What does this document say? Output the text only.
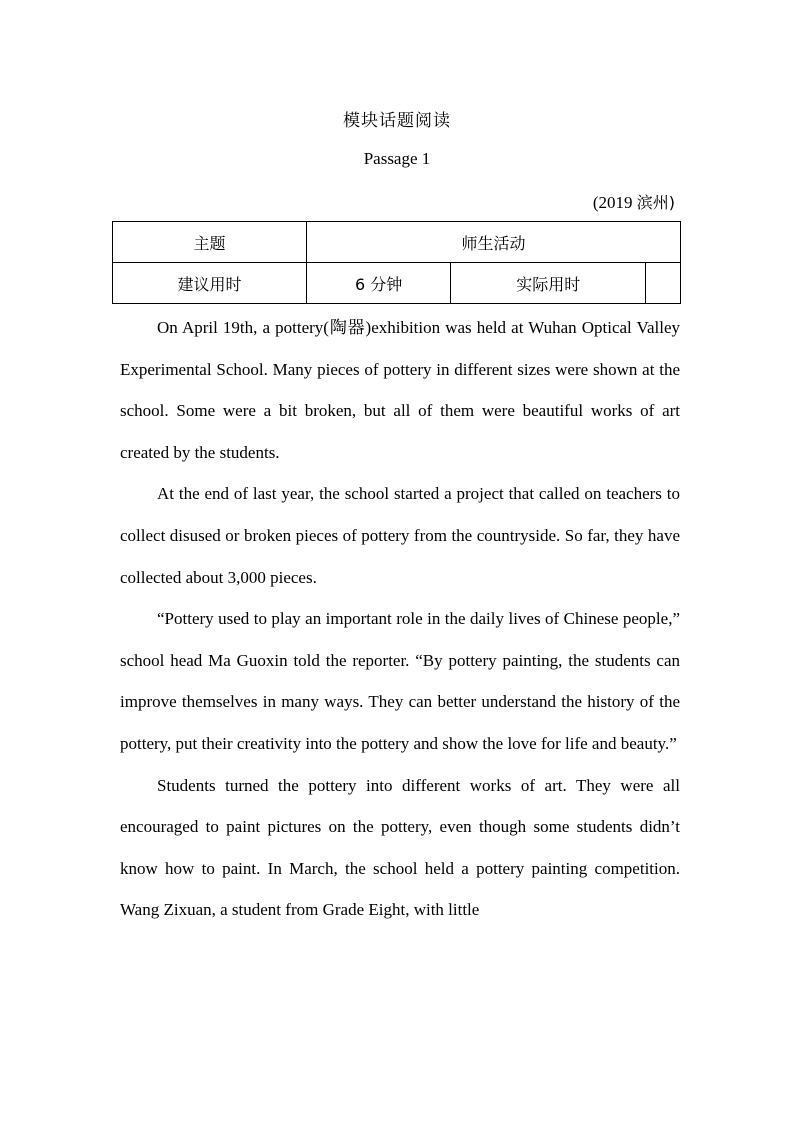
模块话题阅读
Passage 1
(2019 滨州)
主题	师生活动		
建议用时	6 分钟	实际用时	

On April 19th, a pottery(陶器)exhibition was held at Wuhan Optical Valley Experimental School. Many pieces of pottery in different sizes were shown at the school. Some were a bit broken, but all of them were beautiful works of art created by the students.

At the end of last year, the school started a project that called on teachers to collect disused or broken pieces of pottery from the countryside. So far, they have collected about 3,000 pieces.

“Pottery used to play an important role in the daily lives of Chinese people,” school head Ma Guoxin told the reporter. “By pottery painting, the students can improve themselves in many ways. They can better understand the history of the pottery, put their creativity into the pottery and show the love for life and beauty.”

Students turned the pottery into different works of art. They were all encouraged to paint pictures on the pottery, even though some students didn’t know how to paint. In March, the school held a pottery painting competition. Wang Zixuan, a student from Grade Eight, with little
